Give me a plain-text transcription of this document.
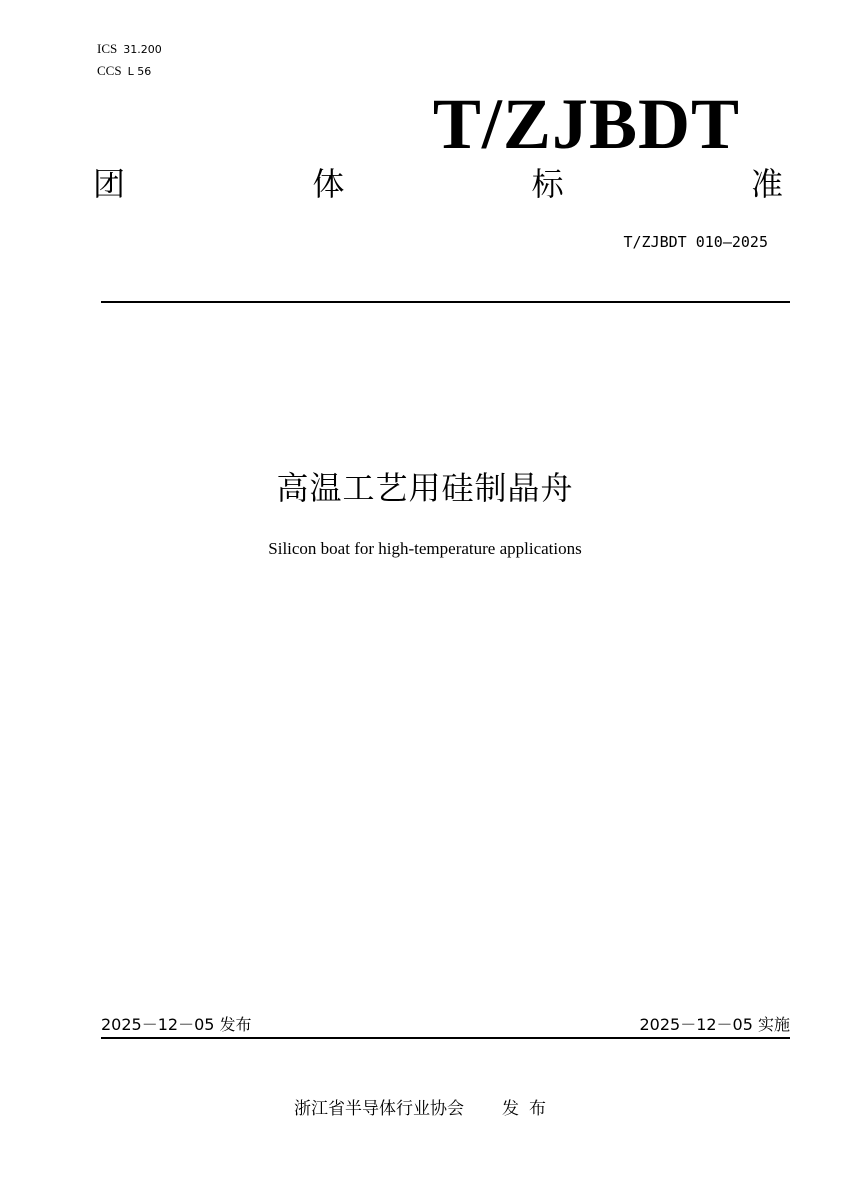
ICS 31.200
CCS L 56
T/ZJBDT
团	体	标	准
T/ZJBDT 010—2025
高温工艺用硅制晶舟
Silicon boat for high-temperature applications
2025－12－05 发布	2025－12－05 实施
浙江省半导体行业协会 发布
